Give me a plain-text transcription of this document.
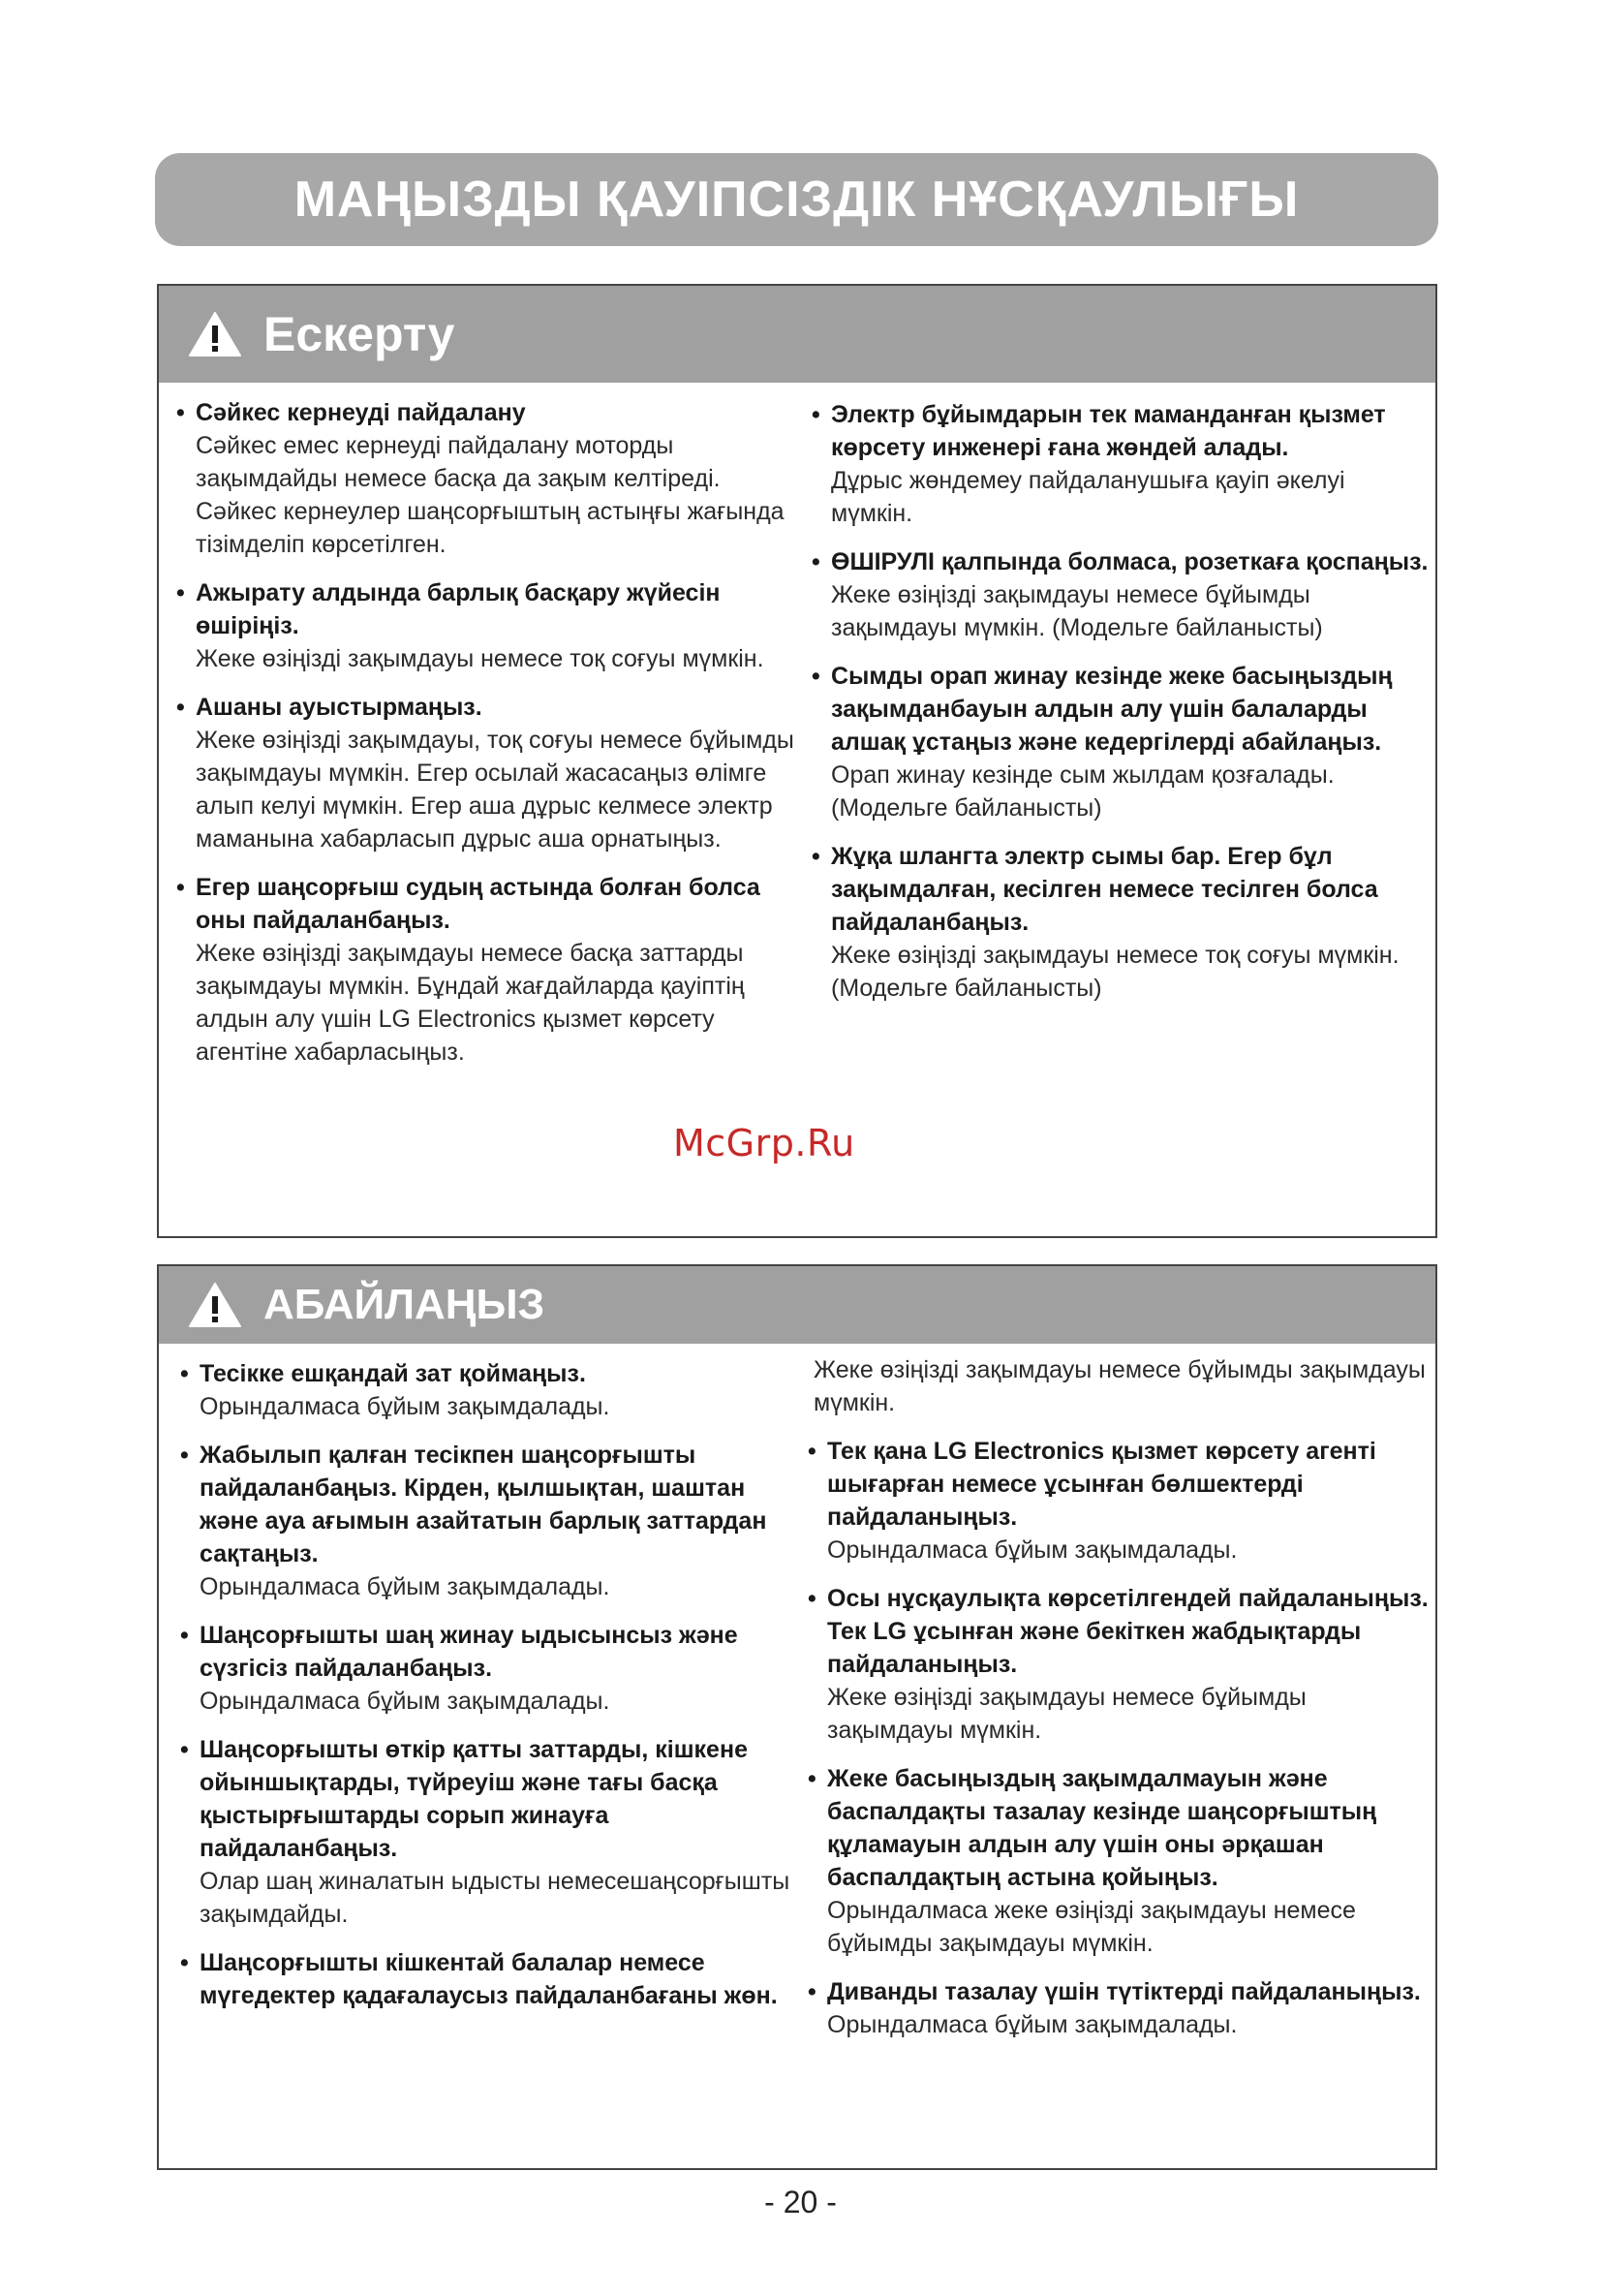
МАҢЫЗДЫ ҚАУІПСІЗДІК НҰСҚАУЛЫҒЫ
Ескерту
• Сәйкес кернеуді пайдалану
Сәйкес емес кернеуді пайдалану моторды зақымдайды немесе басқа да зақым келтіреді. Сәйкес кернеулер шаңсорғыштың астыңғы жағында тізімделіп көрсетілген.
• Ажырату алдында барлық басқару жүйесін өшіріңіз.
Жеке өзіңізді зақымдауы немесе тоқ соғуы мүмкін.
• Ашаны ауыстырмаңыз.
Жеке өзіңізді зақымдауы, тоқ соғуы немесе бұйымды зақымдауы мүмкін. Егер осылай жасасаңыз өлімге алып келуі мүмкін. Егер аша дұрыс келмесе электр маманына хабарласып дұрыс аша орнатыңыз.
• Егер шаңсорғыш судың астында болған болса оны пайдаланбаңыз.
Жеке өзіңізді зақымдауы немесе басқа заттарды зақымдауы мүмкін. Бұндай жағдайларда қауіптің алдын алу үшін LG Electronics қызмет көрсету агентіне хабарласыңыз.
• Электр бұйымдарын тек маманданған қызмет көрсету инженері ғана жөндей алады.
Дұрыс жөндемеу пайдаланушыға қауіп әкелуі мүмкін.
• ӨШІРУЛІ қалпында болмаса, розеткаға қоспаңыз.
Жеке өзіңізді зақымдауы немесе бұйымды зақымдауы мүмкін. (Модельге байланысты)
• Сымды орап жинау кезінде жеке басыңыздың зақымданбауын алдын алу үшін балаларды алшақ ұстаңыз және кедергілерді абайлаңыз.
Орап жинау кезінде сым жылдам қозғалады. (Модельге байланысты)
• Жұқа шлангта электр сымы бар. Егер бұл зақымдалған, кесілген немесе тесілген болса пайдаланбаңыз.
Жеке өзіңізді зақымдауы немесе тоқ соғуы мүмкін.(Модельге байланысты)
АБАЙЛАҢЫЗ
• Тесікке ешқандай зат қоймаңыз.
Орындалмаса бұйым зақымдалады.
• Жабылып қалған тесікпен шаңсорғышты пайдаланбаңыз. Кірден, қылшықтан, шаштан және ауа ағымын азайтатын барлық заттардан сақтаңыз.
Орындалмаса бұйым зақымдалады.
• Шаңсорғышты шаң жинау ыдысынсыз және сүзгісіз пайдаланбаңыз.
Орындалмаса бұйым зақымдалады.
• Шаңсорғышты өткір қатты заттарды, кішкене ойыншықтарды, түйреуіш және тағы басқа қыстырғыштарды сорып жинауға пайдаланбаңыз.
Олар шаң жиналатын ыдысты немесешаңсорғышты зақымдайды.
• Шаңсорғышты кішкентай балалар немесе мүгедектер қадағалаусыз пайдаланбағаны жөн.
Жеке өзіңізді зақымдауы немесе бұйымды зақымдауы мүмкін.
• Тек қана LG Electronics қызмет көрсету агенті шығарған немесе ұсынған бөлшектерді пайдаланыңыз.
Орындалмаса бұйым зақымдалады.
• Осы нұсқаулықта көрсетілгендей пайдаланыңыз. Тек LG ұсынған және бекіткен жабдықтарды пайдаланыңыз.
Жеке өзіңізді зақымдауы немесе бұйымды зақымдауы мүмкін.
• Жеке басыңыздың зақымдалмауын және баспалдақты тазалау кезінде шаңсорғыштың құламауын алдын алу үшін оны әрқашан баспалдақтың астына қойыңыз.
Орындалмаса жеке өзіңізді зақымдауы немесе бұйымды зақымдауы мүмкін.
• Диванды тазалау үшін түтіктерді пайдаланыңыз.
Орындалмаса бұйым зақымдалады.
McGrp.Ru
- 20 -
